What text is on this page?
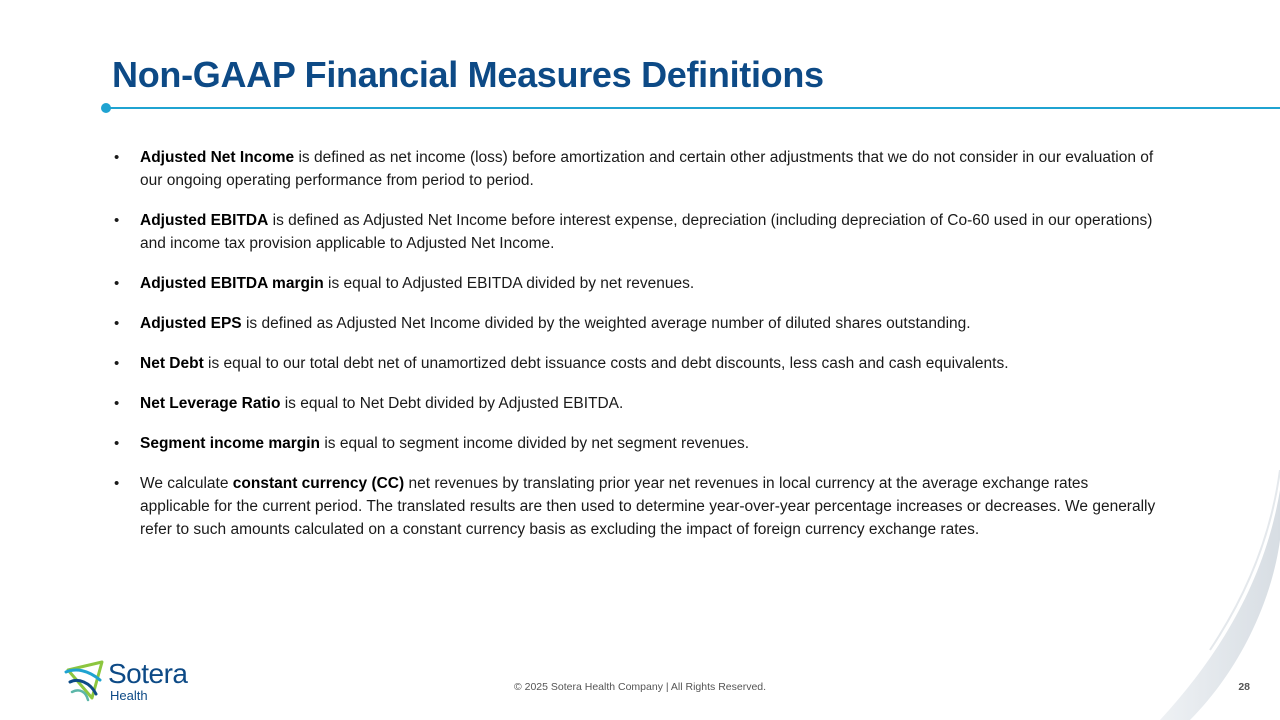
Non-GAAP Financial Measures Definitions
• Adjusted Net Income is defined as net income (loss) before amortization and certain other adjustments that we do not consider in our evaluation of our ongoing operating performance from period to period.
• Adjusted EBITDA is defined as Adjusted Net Income before interest expense, depreciation (including depreciation of Co-60 used in our operations) and income tax provision applicable to Adjusted Net Income.
• Adjusted EBITDA margin is equal to Adjusted EBITDA divided by net revenues.
• Adjusted EPS is defined as Adjusted Net Income divided by the weighted average number of diluted shares outstanding.
• Net Debt is equal to our total debt net of unamortized debt issuance costs and debt discounts, less cash and cash equivalents.
• Net Leverage Ratio is equal to Net Debt divided by Adjusted EBITDA.
• Segment income margin is equal to segment income divided by net segment revenues.
• We calculate constant currency (CC) net revenues by translating prior year net revenues in local currency at the average exchange rates applicable for the current period. The translated results are then used to determine year-over-year percentage increases or decreases. We generally refer to such amounts calculated on a constant currency basis as excluding the impact of foreign currency exchange rates.
Sotera
Health
© 2025 Sotera Health Company | All Rights Reserved.	28
